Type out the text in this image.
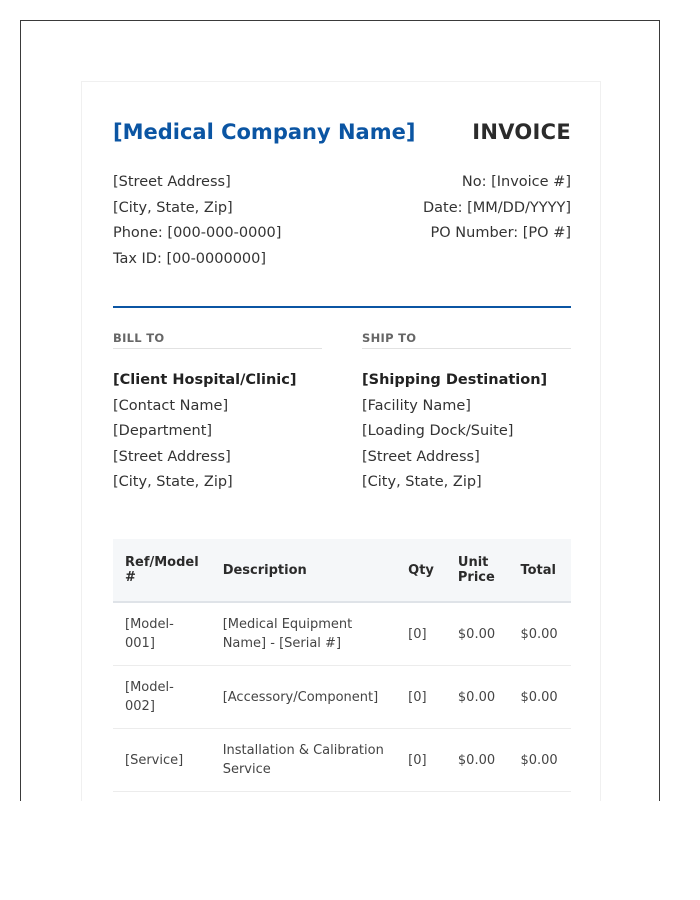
[Medical Company Name]	INVOICE
[Street Address]
[City, State, Zip]
Phone: [000-000-0000]
Tax ID: [00-0000000]
No: [Invoice #]
Date: [MM/DD/YYYY]
PO Number: [PO #]
BILL TO
[Client Hospital/Clinic]
[Contact Name]
[Department]
[Street Address]
[City, State, Zip]
SHIP TO
[Shipping Destination]
[Facility Name]
[Loading Dock/Suite]
[Street Address]
[City, State, Zip]
Ref/Model #	Description	Qty	Unit Price	Total
[Model-001]	[Medical Equipment Name] - [Serial #]	[0]	$0.00	$0.00
[Model-002]	[Accessory/Component]	[0]	$0.00	$0.00
[Service]	Installation & Calibration Service	[0]	$0.00	$0.00
